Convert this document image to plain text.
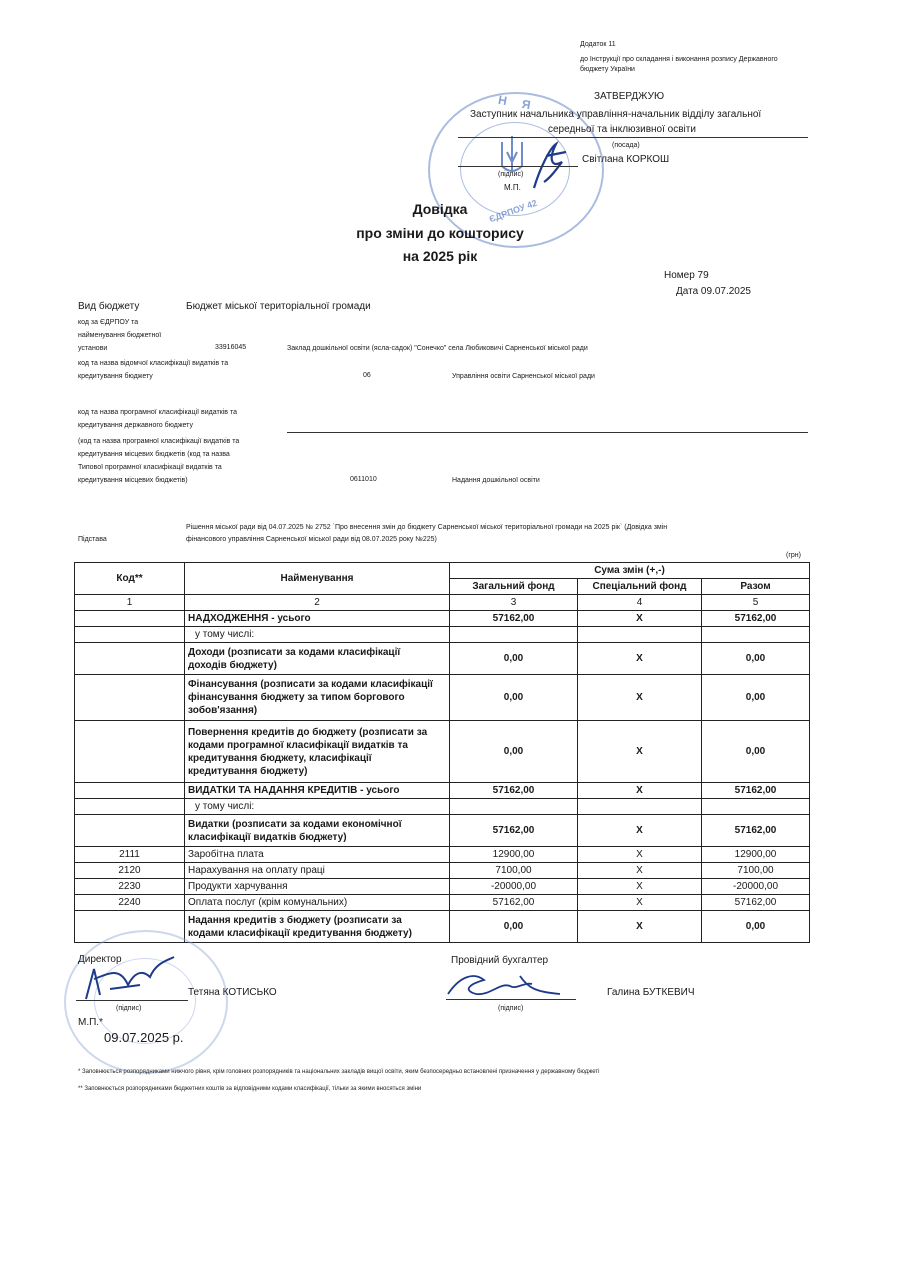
Додаток 11
до Інструкції про складання і виконання розпису Державного
бюджету України
Н Я
ЄДРПОУ 42
ЗАТВЕРДЖУЮ
Заступник начальника управління-начальник відділу загальної
середньої та інклюзивної освіти
(посада)
(підпис)
М.П.
Світлана КОРКОШ
Довідка
про зміни до кошторису
на 2025 рік
Номер 79
Дата 09.07.2025
Вид бюджету	Бюджет міської територіальної громади
код за ЄДРПОУ та
найменування бюджетної
установи	33916045	Заклад дошкільної освіти (ясла-садок) "Сонечко" села Любиковичі Сарненської міської ради
код та назва відомчої класифікації видатків та
кредитування бюджету	06	Управління освіти Сарненської міської ради
код та назва програмної класифікації видатків та
кредитування державного бюджету
(код та назва програмної класифікації видатків та
кредитування місцевих бюджетів (код та назва
Типової програмної класифікації видатків та
кредитування місцевих бюджетів)	0611010	Надання дошкільної освіти
Рішення міської ради від 04.07.2025 № 2752 `Про внесення змін до бюджету Сарненської міської територіальної громади на 2025 рік` (Довідка змін
фінансового управління Сарненської міської ради від 08.07.2025 року №225)
Підстава
(грн)
Код**	Найменування	Сума змін (+,-)		
		Загальний фонд	Спеціальний фонд	Разом
1	2	3	4	5
	НАДХОДЖЕННЯ - усього	57162,00	X	57162,00
	у тому числі:			

	Доходи (розписати за кодами класифікації
доходів бюджету)	0,00	X	0,00

	Фінансування (розписати за кодами класифікації
фінансування бюджету за типом боргового
зобов'язання)	0,00	X	0,00

	Повернення кредитів до бюджету (розписати за
кодами програмної класифікації видатків та
кредитування бюджету, класифікації
кредитування бюджету)	0,00	X	0,00
	ВИДАТКИ ТА НАДАННЯ КРЕДИТІВ - усього	57162,00	X	57162,00
	у тому числі:			

	Видатки (розписати за кодами економічної
класифікації видатків бюджету)	57162,00	X	57162,00
2111	Заробітна плата	12900,00	X	12900,00
2120	Нарахування на оплату праці	7100,00	X	7100,00
2230	Продукти харчування	-20000,00	X	-20000,00
2240	Оплата послуг (крім комунальних)	57162,00	X	57162,00

	Надання кредитів з бюджету (розписати за
кодами класифікації кредитування бюджету)	0,00	X	0,00
Директор
(підпис)
Тетяна КОТИСЬКО
М.П.*
09.07.2025 р.
Провідний бухгалтер
(підпис)
Галина БУТКЕВИЧ
* Заповнюється розпорядниками нижчого рівня, крім головних розпорядників та національних закладів вищої освіти, яким безпосередньо встановлені призначення у державному бюджеті
** Заповнюється розпорядниками бюджетних коштів за відповідними кодами класифікації, тільки за якими вносяться зміни
